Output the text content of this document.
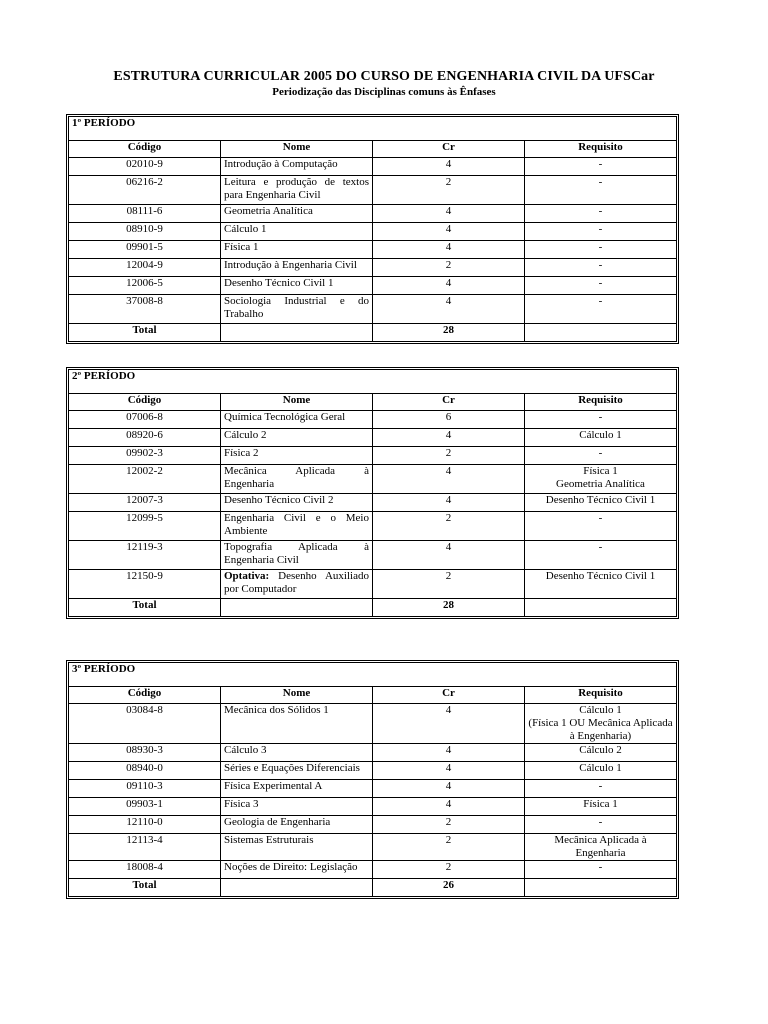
ESTRUTURA CURRICULAR 2005 DO CURSO DE ENGENHARIA CIVIL DA UFSCar
Periodização das Disciplinas comuns às Ênfases
1º PERÍODO			
Código	Nome	Cr	Requisito
02010-9	Introdução à Computação	4	-

06216-2	Leitura e produção de textos para Engenharia Civil	2	-

08111-6	Geometria Analítica	4	-

08910-9	Cálculo 1	4	-

09901-5	Física 1	4	-

12004-9	Introdução à Engenharia Civil	2	-

12006-5	Desenho Técnico Civil 1	4	-

37008-8	Sociologia Industrial e do Trabalho	4	-

Total		28	
2º PERÍODO			
Código	Nome	Cr	Requisito
07006-8	Química Tecnológica Geral	6	-

08920-6	Cálculo 2	4	Cálculo 1

09902-3	Física 2	2	-

12002-2	Mecânica Aplicada à Engenharia	4	Física 1
Geometria Analítica

12007-3	Desenho Técnico Civil 2	4	Desenho Técnico Civil 1

12099-5	Engenharia Civil e o Meio Ambiente	2	-

12119-3	Topografia Aplicada à Engenharia Civil	4	-

12150-9	Optativa: Desenho Auxiliado por Computador	2	Desenho Técnico Civil 1

Total		28	
3º PERÍODO			
Código	Nome	Cr	Requisito
03084-8	Mecânica dos Sólidos 1	4	Cálculo 1
(Física 1 OU Mecânica Aplicada à Engenharia)

08930-3	Cálculo 3	4	Cálculo 2

08940-0	Séries e Equações Diferenciais	4	Cálculo 1

09110-3	Física Experimental A	4	-

09903-1	Física 3	4	Física 1

12110-0	Geologia de Engenharia	2	-

12113-4	Sistemas Estruturais	2	Mecânica Aplicada à Engenharia

18008-4	Noções de Direito: Legislação	2	-

Total		26	
